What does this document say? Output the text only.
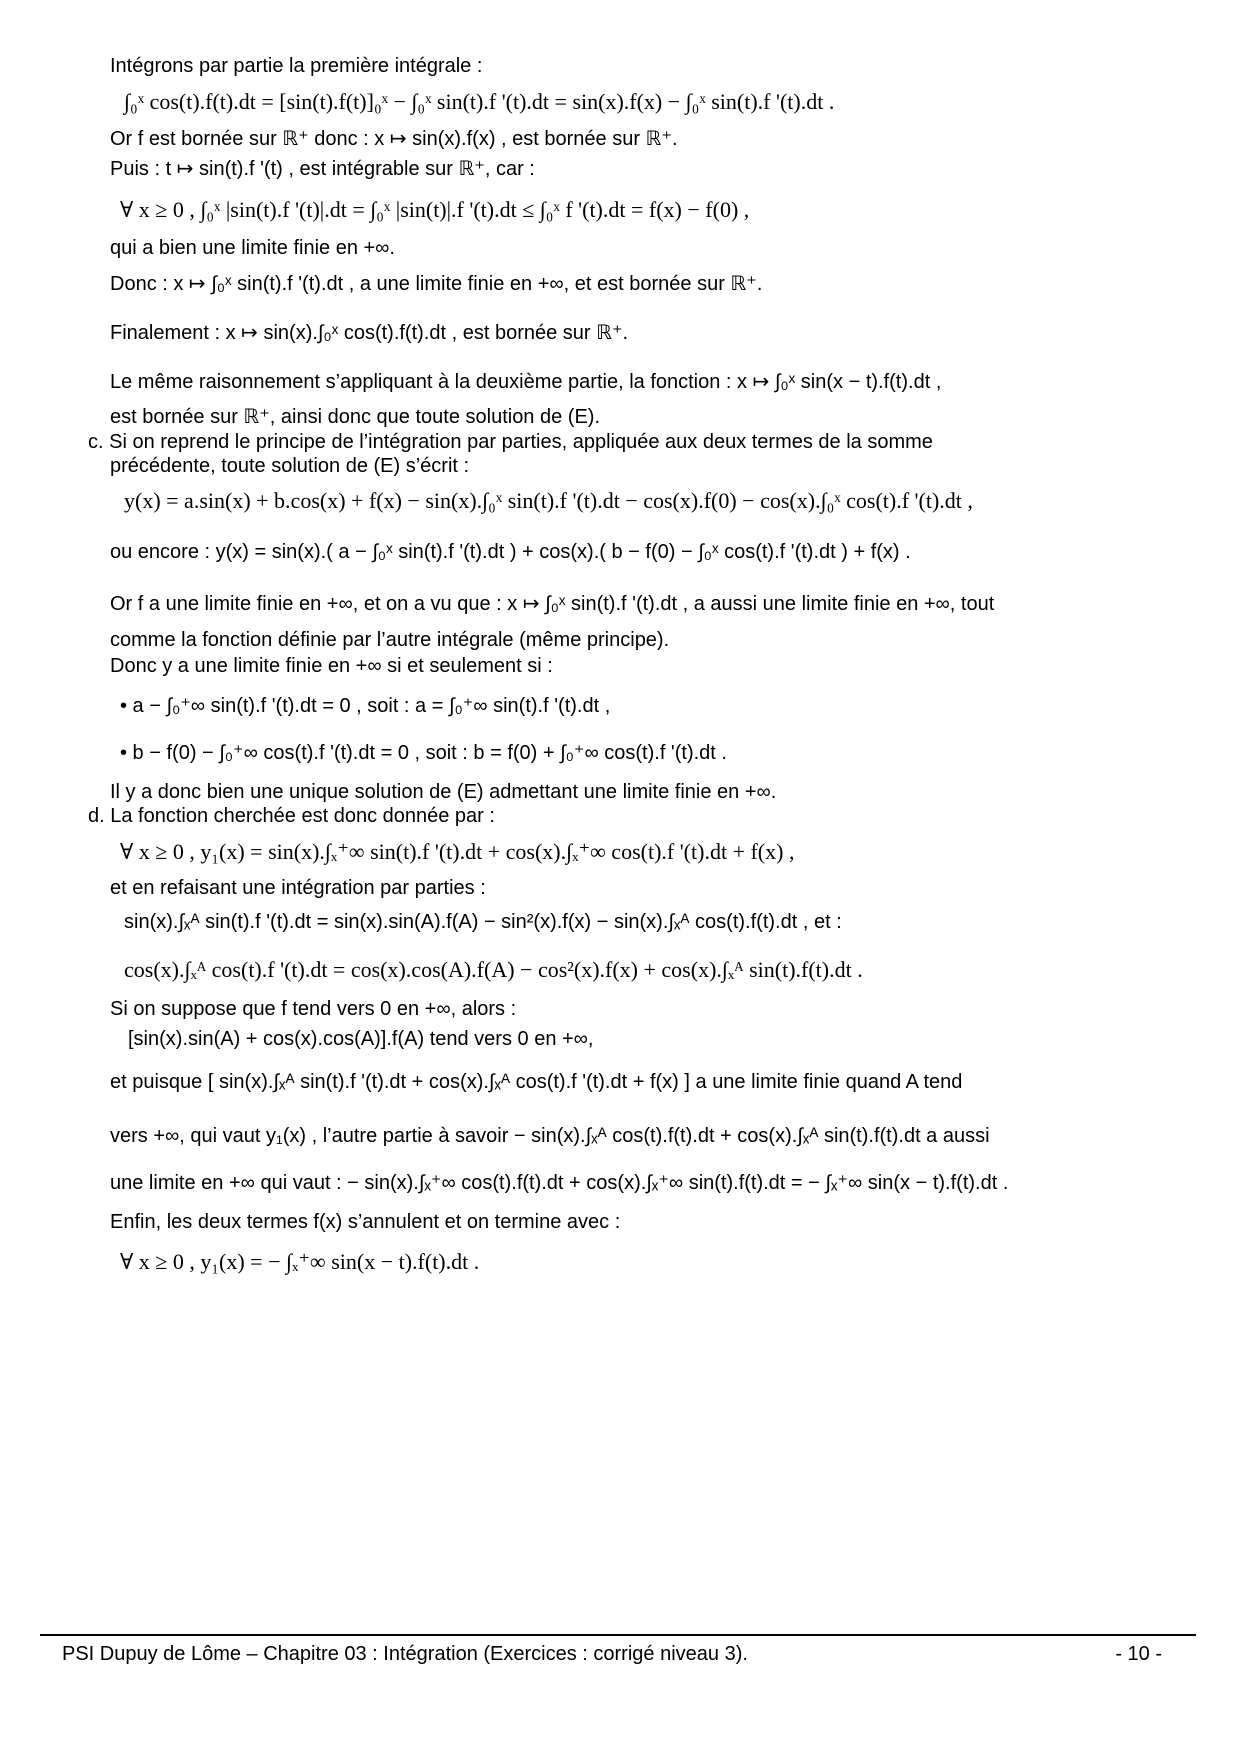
Intégrons par partie la première intégrale :
∫₀ˣ cos(t).f(t).dt = [sin(t).f(t)]₀ˣ − ∫₀ˣ sin(t).f '(t).dt = sin(x).f(x) − ∫₀ˣ sin(t).f '(t).dt .
Or f est bornée sur ℝ⁺ donc : x ↦ sin(x).f(x) , est bornée sur ℝ⁺.
Puis : t ↦ sin(t).f '(t) , est intégrable sur ℝ⁺, car :
∀ x ≥ 0 , ∫₀ˣ |sin(t).f '(t)|.dt = ∫₀ˣ |sin(t)|.f '(t).dt ≤ ∫₀ˣ f '(t).dt = f(x) − f(0) ,
qui a bien une limite finie en +∞.
Donc : x ↦ ∫₀ˣ sin(t).f '(t).dt , a une limite finie en +∞, et est bornée sur ℝ⁺.
Finalement : x ↦ sin(x).∫₀ˣ cos(t).f(t).dt , est bornée sur ℝ⁺.
Le même raisonnement s’appliquant à la deuxième partie, la fonction : x ↦ ∫₀ˣ sin(x − t).f(t).dt ,
est bornée sur ℝ⁺, ainsi donc que toute solution de (E).
c. Si on reprend le principe de l’intégration par parties, appliquée aux deux termes de la somme
précédente, toute solution de (E) s’écrit :
y(x) = a.sin(x) + b.cos(x) + f(x) − sin(x).∫₀ˣ sin(t).f '(t).dt − cos(x).f(0) − cos(x).∫₀ˣ cos(t).f '(t).dt ,
ou encore : y(x) = sin(x).( a − ∫₀ˣ sin(t).f '(t).dt ) + cos(x).( b − f(0) − ∫₀ˣ cos(t).f '(t).dt ) + f(x) .
Or f a une limite finie en +∞, et on a vu que : x ↦ ∫₀ˣ sin(t).f '(t).dt , a aussi une limite finie en +∞, tout
comme la fonction définie par l’autre intégrale (même principe).
Donc y a une limite finie en +∞ si et seulement si :
• a − ∫₀⁺∞ sin(t).f '(t).dt = 0 , soit : a = ∫₀⁺∞ sin(t).f '(t).dt ,
• b − f(0) − ∫₀⁺∞ cos(t).f '(t).dt = 0 , soit : b = f(0) + ∫₀⁺∞ cos(t).f '(t).dt .
Il y a donc bien une unique solution de (E) admettant une limite finie en +∞.
d. La fonction cherchée est donc donnée par :
∀ x ≥ 0 , y₁(x) = sin(x).∫ₓ⁺∞ sin(t).f '(t).dt + cos(x).∫ₓ⁺∞ cos(t).f '(t).dt + f(x) ,
et en refaisant une intégration par parties :
sin(x).∫ₓᴬ sin(t).f '(t).dt = sin(x).sin(A).f(A) − sin²(x).f(x) − sin(x).∫ₓᴬ cos(t).f(t).dt , et :
cos(x).∫ₓᴬ cos(t).f '(t).dt = cos(x).cos(A).f(A) − cos²(x).f(x) + cos(x).∫ₓᴬ sin(t).f(t).dt .
Si on suppose que f tend vers 0 en +∞, alors :
[sin(x).sin(A) + cos(x).cos(A)].f(A) tend vers 0 en +∞,
et puisque [ sin(x).∫ₓᴬ sin(t).f '(t).dt + cos(x).∫ₓᴬ cos(t).f '(t).dt + f(x) ] a une limite finie quand A tend
vers +∞, qui vaut y₁(x) , l’autre partie à savoir − sin(x).∫ₓᴬ cos(t).f(t).dt + cos(x).∫ₓᴬ sin(t).f(t).dt a aussi
une limite en +∞ qui vaut : − sin(x).∫ₓ⁺∞ cos(t).f(t).dt + cos(x).∫ₓ⁺∞ sin(t).f(t).dt = − ∫ₓ⁺∞ sin(x − t).f(t).dt .
Enfin, les deux termes f(x) s’annulent et on termine avec :
∀ x ≥ 0 , y₁(x) = − ∫ₓ⁺∞ sin(x − t).f(t).dt .
PSI Dupuy de Lôme – Chapitre 03 : Intégration (Exercices : corrigé niveau 3).	- 10 -
